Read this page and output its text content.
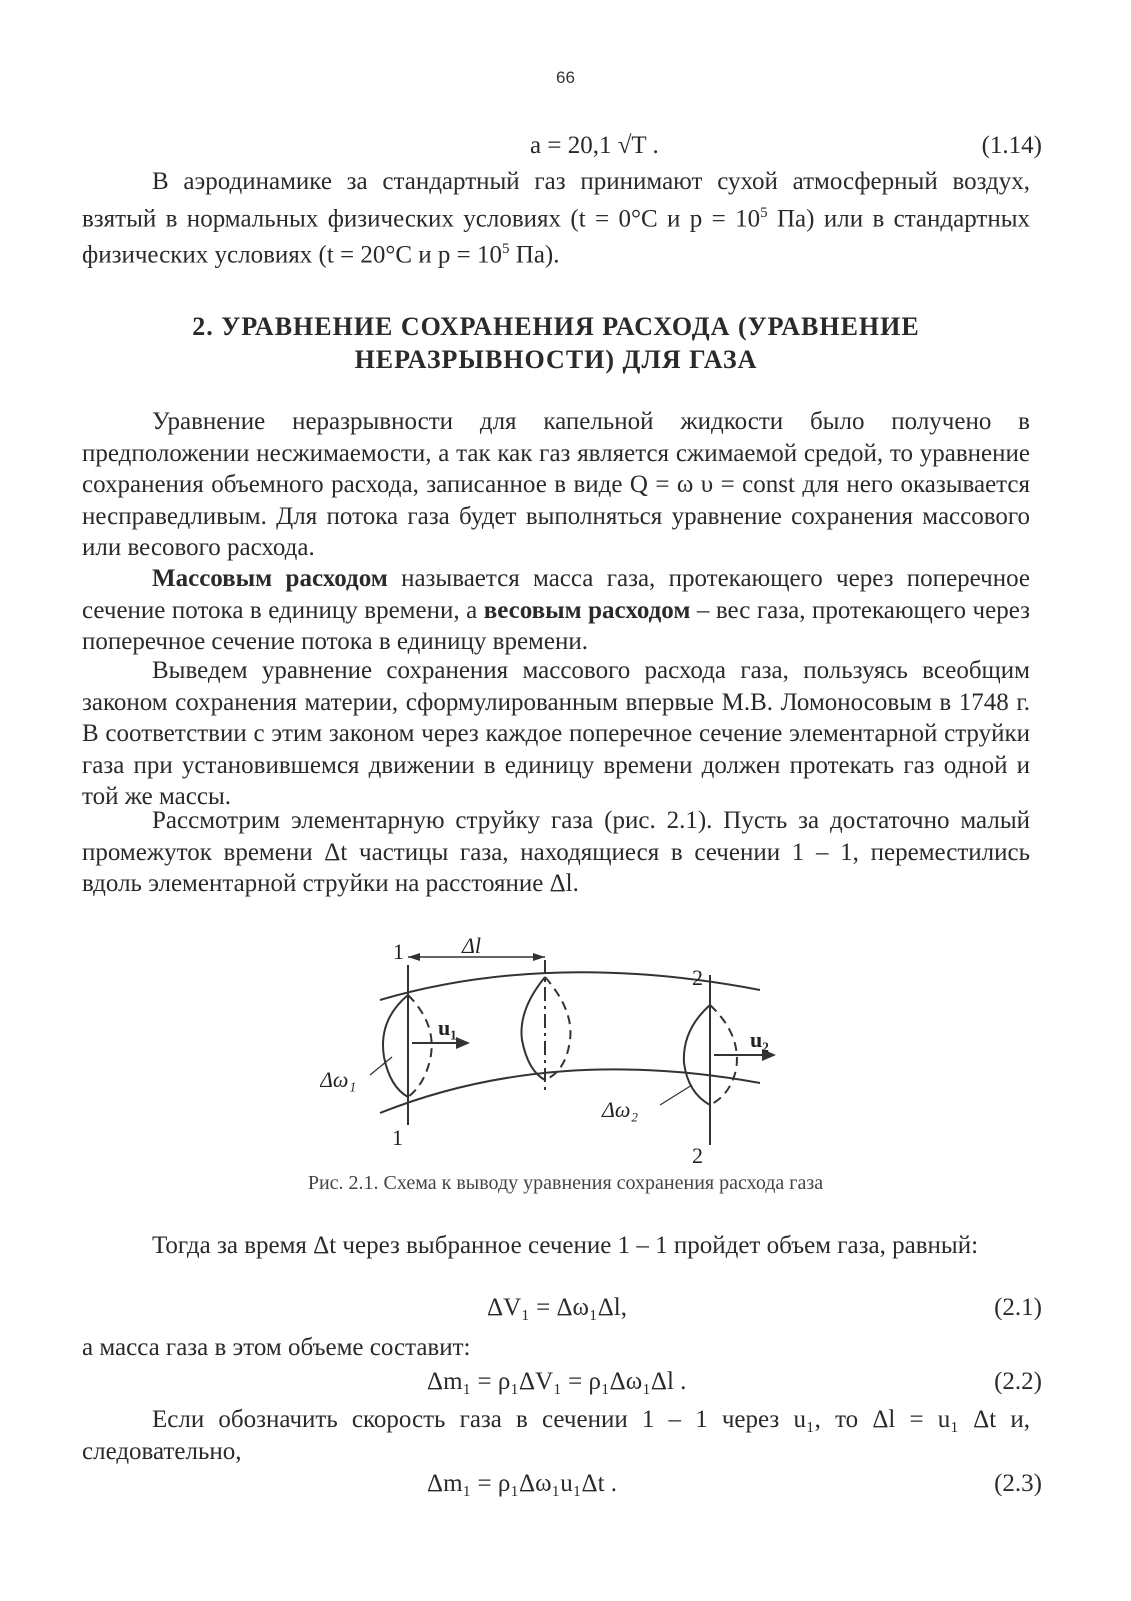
66
a = 20,1 √T .	(1.14)

В аэродинамике за стандартный газ принимают сухой атмосферный воздух, взятый в нормальных физических условиях (t = 0°C и $p = 10^5$ Па) или в стандартных физических условиях (t = 20°C и $p = 10^5$ Па).

2. УРАВНЕНИЕ СОХРАНЕНИЯ РАСХОДА (УРАВНЕНИЕ
НЕРАЗРЫВНОСТИ) ДЛЯ ГАЗА

Уравнение неразрывности для капельной жидкости было получено в предположении несжимаемости, а так как газ является сжимаемой средой, то уравнение сохранения объемного расхода, записанное в виде Q = ω υ = const для него оказывается несправедливым. Для потока газа будет выполняться уравнение сохранения массового или весового расхода.

Массовым расходом называется масса газа, протекающего через поперечное сечение потока в единицу времени, а весовым расходом – вес газа, протекающего через поперечное сечение потока в единицу времени.

Выведем уравнение сохранения массового расхода газа, пользуясь всеобщим законом сохранения материи, сформулированным впервые М.В. Ломоносовым в 1748 г. В соответствии с этим законом через каждое поперечное сечение элементарной струйки газа при установившемся движении в единицу времени должен протекать газ одной и той же массы.

Рассмотрим элементарную струйку газа (рис. 2.1). Пусть за достаточно малый промежуток времени Δt частицы газа, находящиеся в сечении 1 – 1, переместились вдоль элементарной струйки на расстояние Δl.

Δl
1
1
2
2
u₁	u₂
Δω₁
Δω₂
Рис. 2.1. Схема к выводу уравнения сохранения расхода газа

Тогда за время Δt через выбранное сечение 1 – 1 пройдет объем газа, равный:

ΔV₁ = Δω₁Δl,	(2.1)

а масса газа в этом объеме составит:

Δm₁ = ρ₁ΔV₁ = ρ₁Δω₁Δl .	(2.2)

Если обозначить скорость газа в сечении 1 – 1 через u₁, то Δl = u₁ Δt и, следовательно,

Δm₁ = ρ₁Δω₁u₁Δt .	(2.3)
